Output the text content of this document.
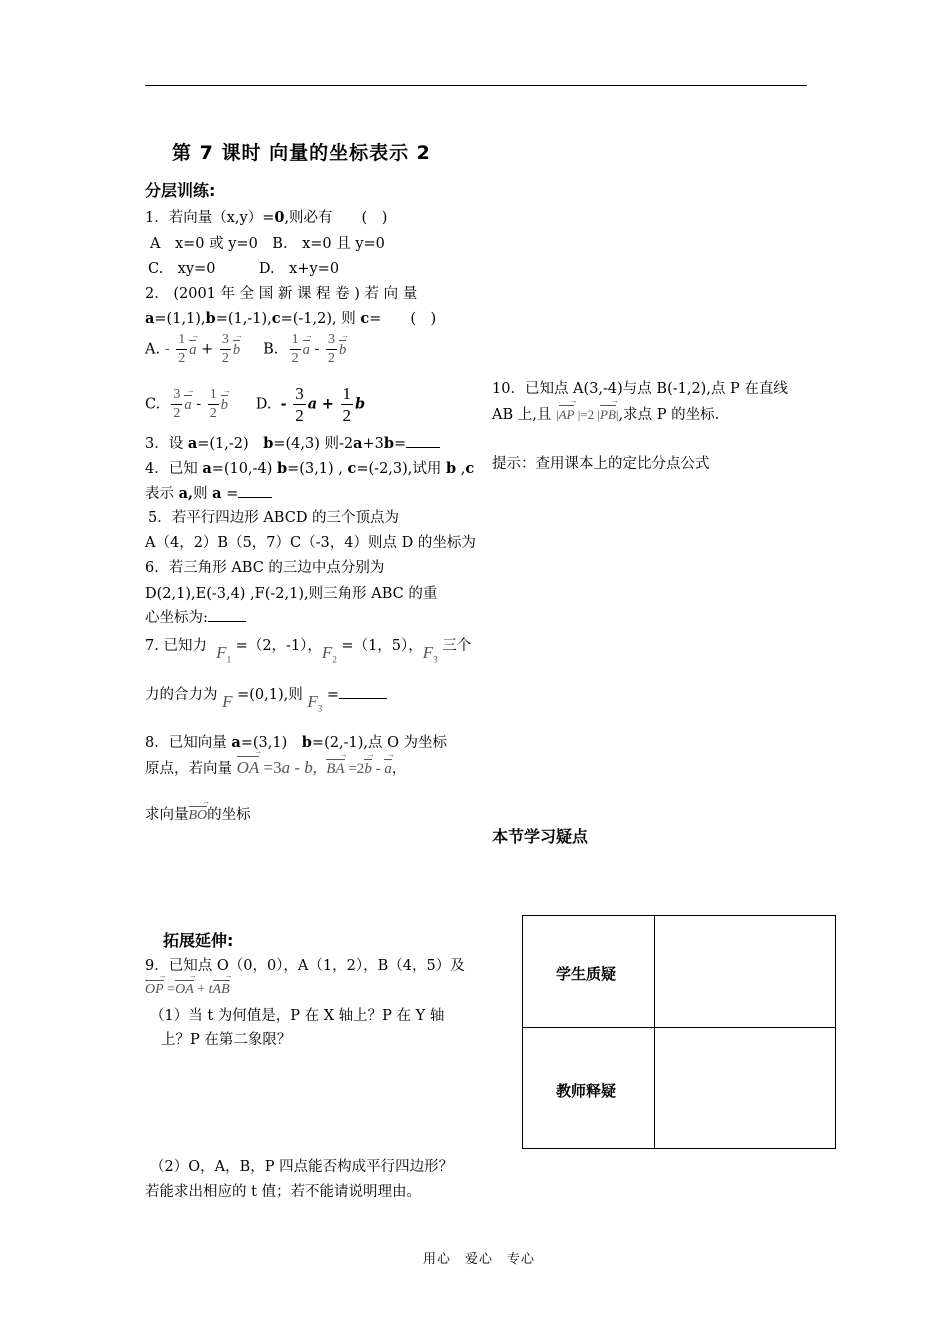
第 7 课时 向量的坐标表示 2
分层训练:
1．若向量（x,y）=0,则必有　　(　)
A　x=0 或 y=0　B.　x=0 且 y=0
C.　xy=0　　　D.　x+y=0
2． (2001 年 全 国 新 课 程 卷 ) 若 向 量
a=(1,1),b=(1,-1),c=(-1,2), 则 c=　　(　)
A. - $\frac{1}{2}$ a → + $\frac{3}{2}$ b → B. $\frac{1}{2}$ a → - $\frac{3}{2}$ b →
C. $\frac{3}{2}$ a → - $\frac{1}{2}$ b → D. - $\frac{3}{2}$ $a + \frac{1}{2}$ b
3．设 a=(1,-2)　b=(4,3) 则-2a+3b=
4．已知 a=(10,-4) b=(3,1) , c=(-2,3),试用 b ,c
表示 a,则 a =
5．若平行四边形 ABCD 的三个顶点为
A（4，2）B（5，7）C（-3，4）则点 D 的坐标为
6．若三角形 ABC 的三边中点分别为
D(2,1),E(-3,4) ,F(-2,1),则三角形 ABC 的重
心坐标为:
7. 已知力 $F_1 =(2$，-1），$F_2 =(1$，5），$F_3$ 三个
力的合力为 F =(0,1),则 $F_3$ =
8．已知向量 a=(3,1)　b=(2,-1),点 O 为坐标
原点，若向量 OA → =3a - b, BA → =2b → - a →，
求向量BO →的坐标
10．已知点 A(3,-4)与点 B(-1,2),点 P 在直线
AB 上,且 |AP → |=2 |PB →|,求点 P 的坐标.
提示：查用课本上的定比分点公式
本节学习疑点
拓展延伸:
9．已知点 O（0，0），A（1，2），B（4，5）及
OP → =OA → + tAB →
（1）当 t 为何值是，P 在 X 轴上？P 在 Y 轴
上？P 在第二象限？
（2）O，A，B，P 四点能否构成平行四边形？
若能求出相应的 t 值；若不能请说明理由。
学生质疑
教师释疑
用心　爱心　专心
